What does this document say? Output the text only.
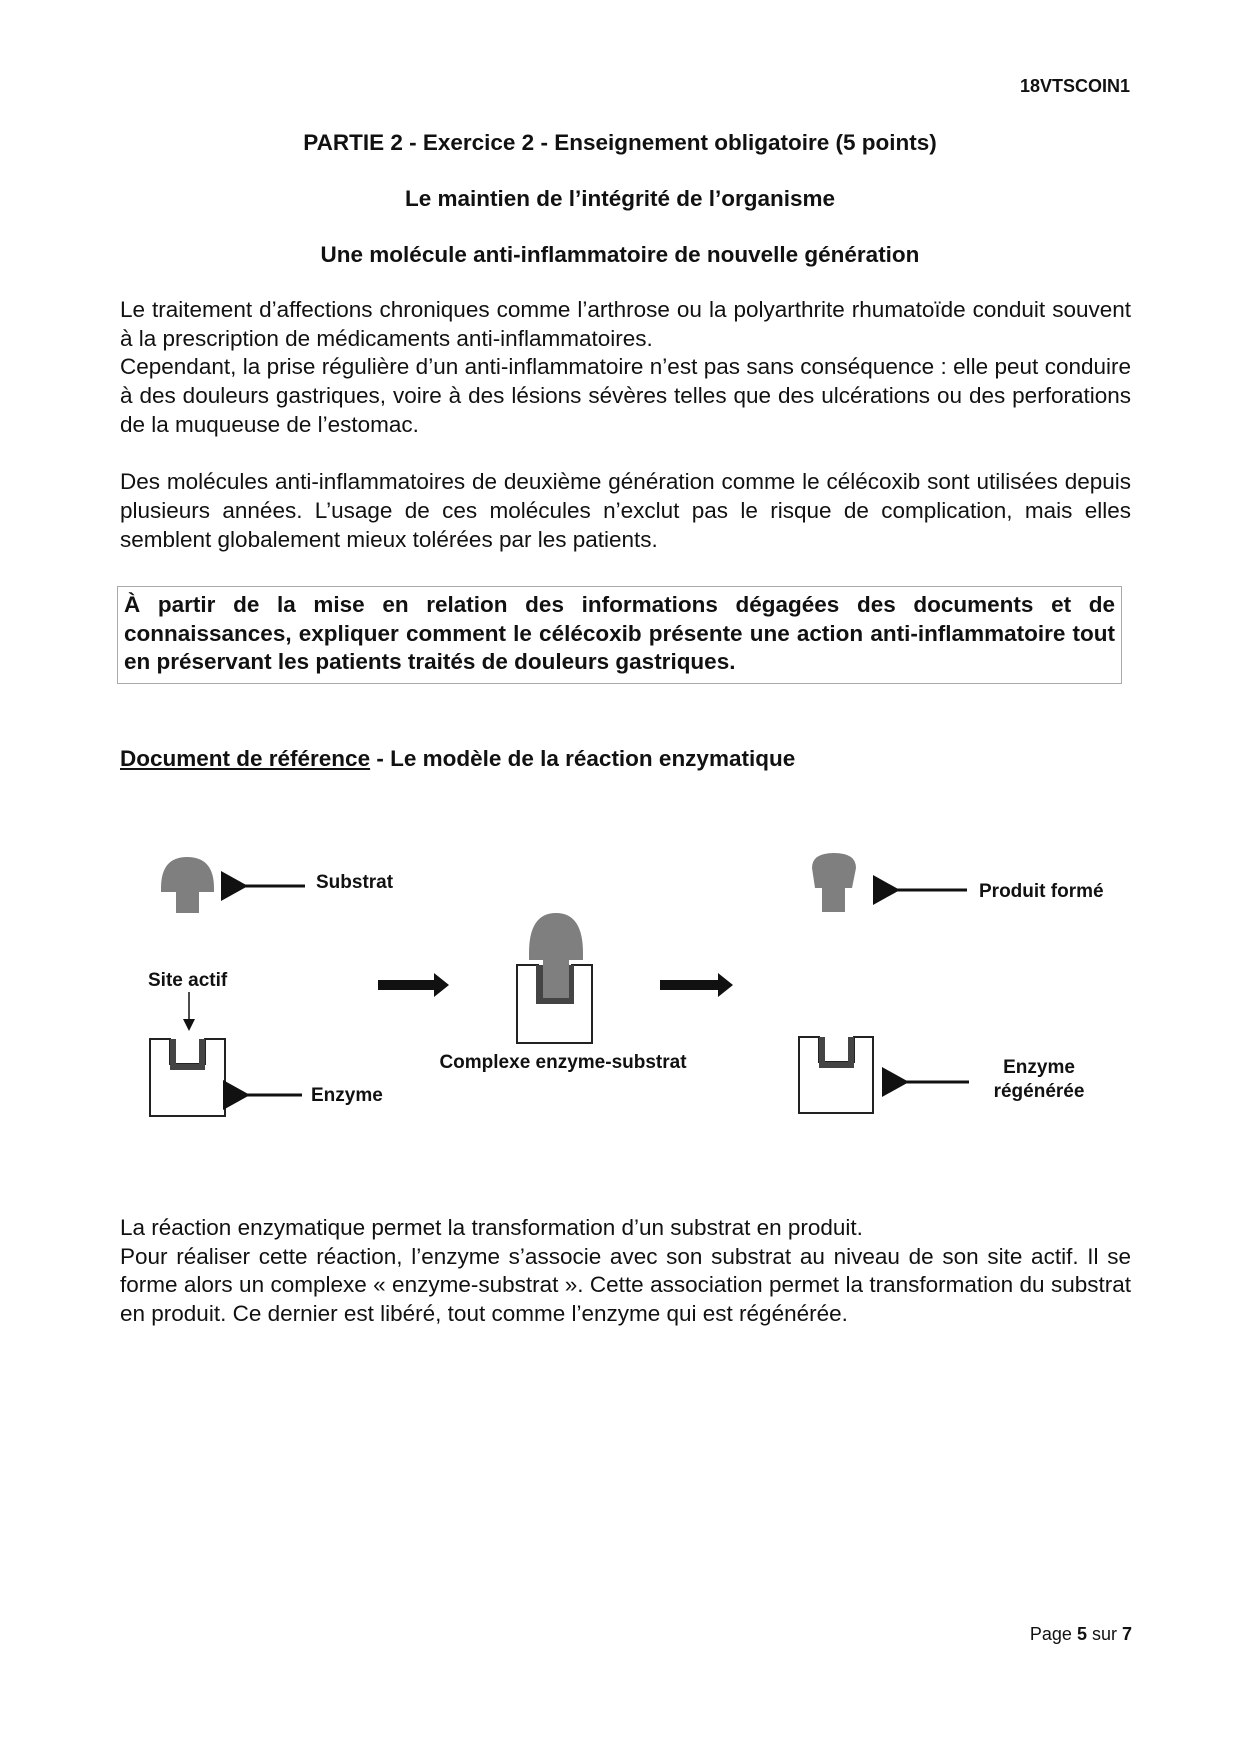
18VTSCOIN1
PARTIE 2 - Exercice 2 - Enseignement obligatoire (5 points)
Le maintien de l’intégrité de l’organisme
Une molécule anti-inflammatoire de nouvelle génération

Le traitement d’affections chroniques comme l’arthrose ou la polyarthrite rhumatoïde conduit souvent à la prescription de médicaments anti-inflammatoires.

Cependant, la prise régulière d’un anti-inflammatoire n’est pas sans conséquence : elle peut conduire à des douleurs gastriques, voire à des lésions sévères telles que des ulcérations ou des perforations de la muqueuse de l’estomac.

Des molécules anti-inflammatoires de deuxième génération comme le célécoxib sont utilisées depuis plusieurs années. L’usage de ces molécules n’exclut pas le risque de complication, mais elles semblent globalement mieux tolérées par les patients.

À partir de la mise en relation des informations dégagées des documents et de connaissances, expliquer comment le célécoxib présente une action anti-inflammatoire tout en préservant les patients traités de douleurs gastriques.
Document de référence - Le modèle de la réaction enzymatique
Substrat
Site actif
Enzyme
Complexe enzyme-substrat
Produit formé
Enzyme
régénérée

La réaction enzymatique permet la transformation d’un substrat en produit.

Pour réaliser cette réaction, l’enzyme s’associe avec son substrat au niveau de son site actif. Il se forme alors un complexe « enzyme-substrat ». Cette association permet la transformation du substrat en produit. Ce dernier est libéré, tout comme l’enzyme qui est régénérée.

Page 5 sur 7
